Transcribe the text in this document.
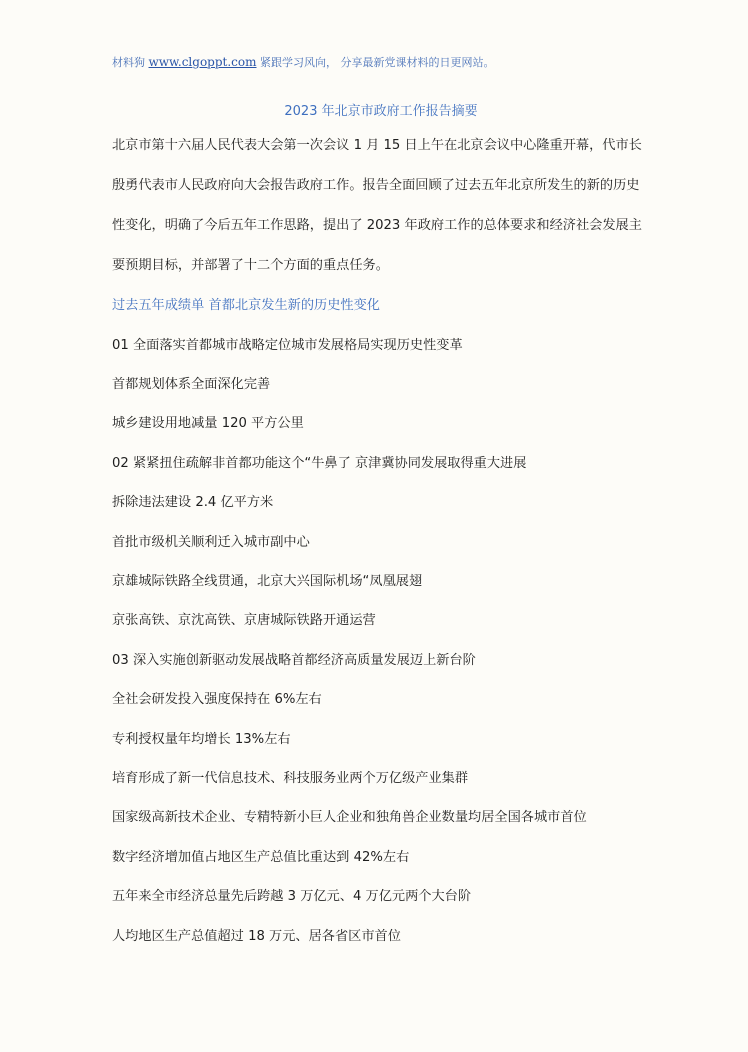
材料狗 www.clgoppt.com 紧跟学习风向， 分享最新党课材料的日更网站。
2023 年北京市政府工作报告摘要
北京市第十六届人民代表大会第一次会议 1 月 15 日上午在北京会议中心隆重开幕，代市长
殷勇代表市人民政府向大会报告政府工作。报告全面回顾了过去五年北京所发生的新的历史
性变化，明确了今后五年工作思路，提出了 2023 年政府工作的总体要求和经济社会发展主
要预期目标，并部署了十二个方面的重点任务。
过去五年成绩单 首都北京发生新的历史性变化
01 全面落实首都城市战略定位城市发展格局实现历史性变革
首都规划体系全面深化完善
城乡建设用地减量 120 平方公里
02 紧紧扭住疏解非首都功能这个“牛鼻了 京津冀协同发展取得重大进展
拆除违法建设 2.4 亿平方米
首批市级机关顺利迁入城市副中心
京雄城际铁路全线贯通，北京大兴国际机场“凤凰展翅
京张高铁、京沈高铁、京唐城际铁路开通运营
03 深入实施创新驱动发展战略首都经济高质量发展迈上新台阶
全社会研发投入强度保持在 6%左右
专利授权量年均增长 13%左右
培育形成了新一代信息技术、科技服务业两个万亿级产业集群
国家级高新技术企业、专精特新小巨人企业和独角兽企业数量均居全国各城市首位
数字经济增加值占地区生产总值比重达到 42%左右
五年来全市经济总量先后跨越 3 万亿元、4 万亿元两个大台阶
人均地区生产总值超过 18 万元、居各省区市首位
